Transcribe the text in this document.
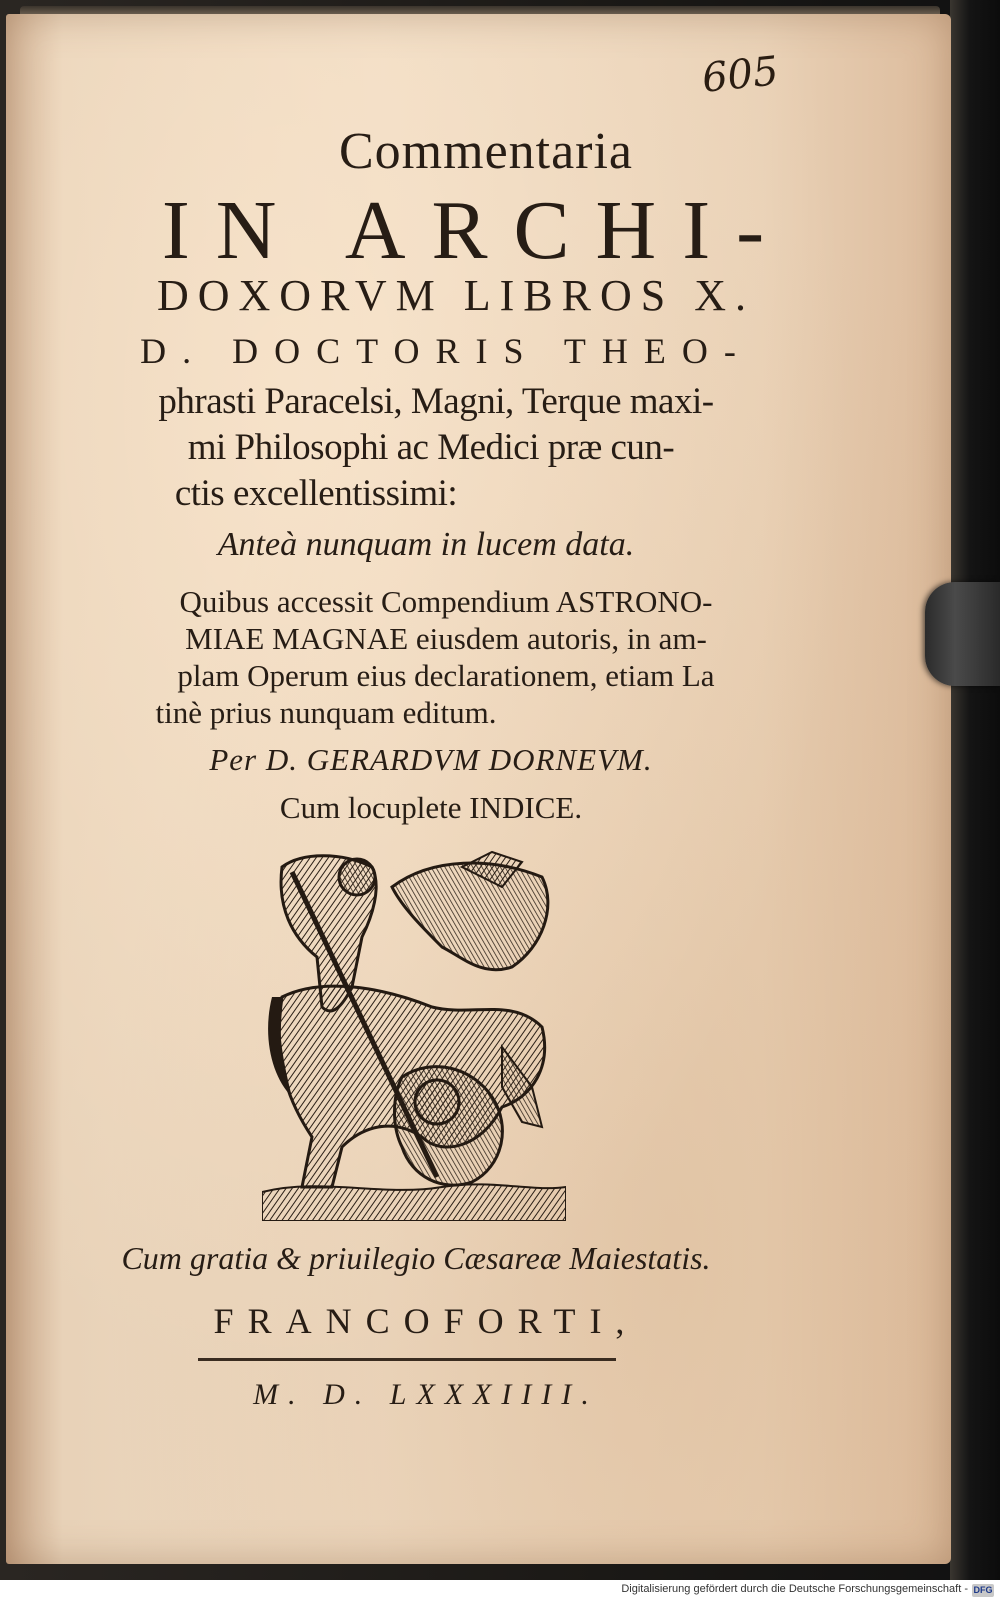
605
Commentaria
IN ARCHI-
DOXORVM LIBROS X.
D. DOCTORIS THEO-
phrasti Paracelsi, Magni, Terque maxi-
mi Philosophi ac Medici præ cun-
ctis excellentissimi:
Anteà nunquam in lucem data.
Quibus accessit Compendium ASTRONO-
MIAE MAGNAE eiusdem autoris, in am-
plam Operum eius declarationem, etiam La
tinè prius nunquam editum.
Per D. GERARDVM DORNEVM.
Cum locuplete INDICE.
Cum gratia & priuilegio Cæsareæ Maiestatis.
FRANCOFORTI,
M. D. LXXXIIII.
Digitalisierung gefördert durch die Deutsche Forschungsgemeinschaft - DFG
